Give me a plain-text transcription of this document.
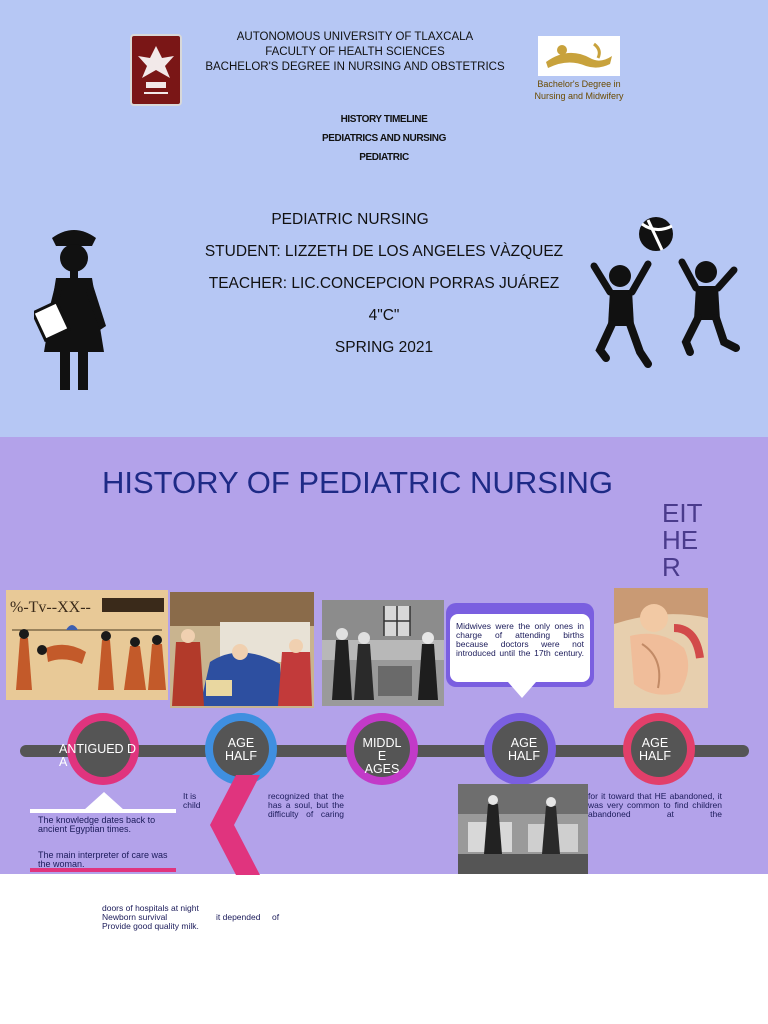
AUTONOMOUS UNIVERSITY OF TLAXCALA
FACULTY OF HEALTH SCIENCES
BACHELOR'S DEGREE IN NURSING AND OBSTETRICS
Bachelor's Degree in
Nursing and Midwifery
HISTORY TIMELINE
PEDIATRICS AND NURSING
PEDIATRIC
PEDIATRIC NURSING
STUDENT: LIZZETH DE LOS ANGELES VÀZQUEZ
TEACHER: LIC.CONCEPCION PORRAS JUÁREZ
4"C"
SPRING 2021
HISTORY OF PEDIATRIC NURSING
EIT
HE
R
%-Tv--XX--
Midwives were the only ones in charge of attending births because doctors were not introduced until the 17th century.
ANTIGUED D
A
AGE
HALF
MIDDL
E
AGES
AGE
HALF
AGE
HALF
The knowledge dates back to ancient Egyptian times.
The main interpreter of care was the woman.
It is
child
recognized that the has a soul, but the difficulty of caring
for it toward that HE abandoned, it was very common to find children abandoned at the
doors of hospitals at night
Newborn survival	it depended of
Provide good quality milk.
